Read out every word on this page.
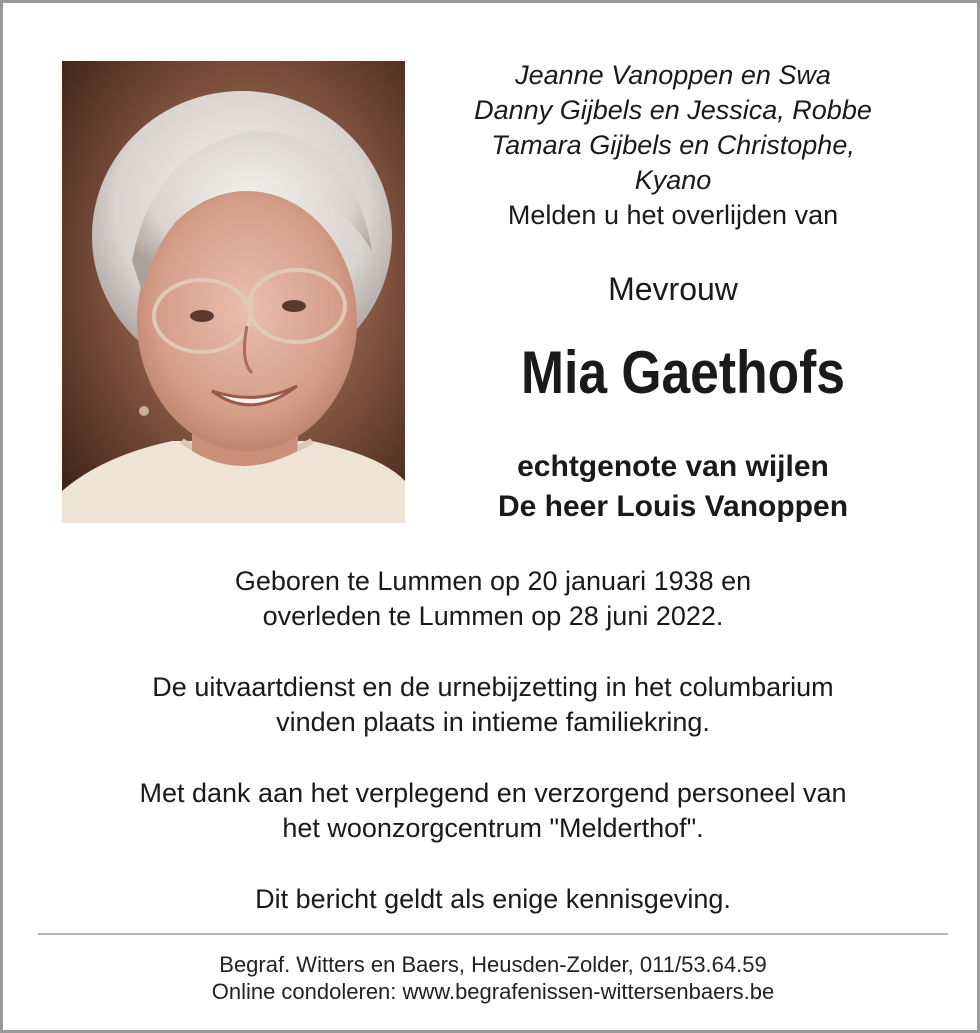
Jeanne Vanoppen en Swa
Danny Gijbels en Jessica, Robbe
Tamara Gijbels en Christophe,
Kyano
Melden u het overlijden van
Mevrouw
Mia Gaethofs
echtgenote van wijlen
De heer Louis Vanoppen

Geboren te Lummen op 20 januari 1938 en
overleden te Lummen op 28 juni 2022.

De uitvaartdienst en de urnebijzetting in het columbarium
vinden plaats in intieme familiekring.

Met dank aan het verplegend en verzorgend personeel van
het woonzorgcentrum "Melderthof".

Dit bericht geldt als enige kennisgeving.

Begraf. Witters en Baers, Heusden-Zolder, 011/53.64.59
Online condoleren: www.begrafenissen-wittersenbaers.be
